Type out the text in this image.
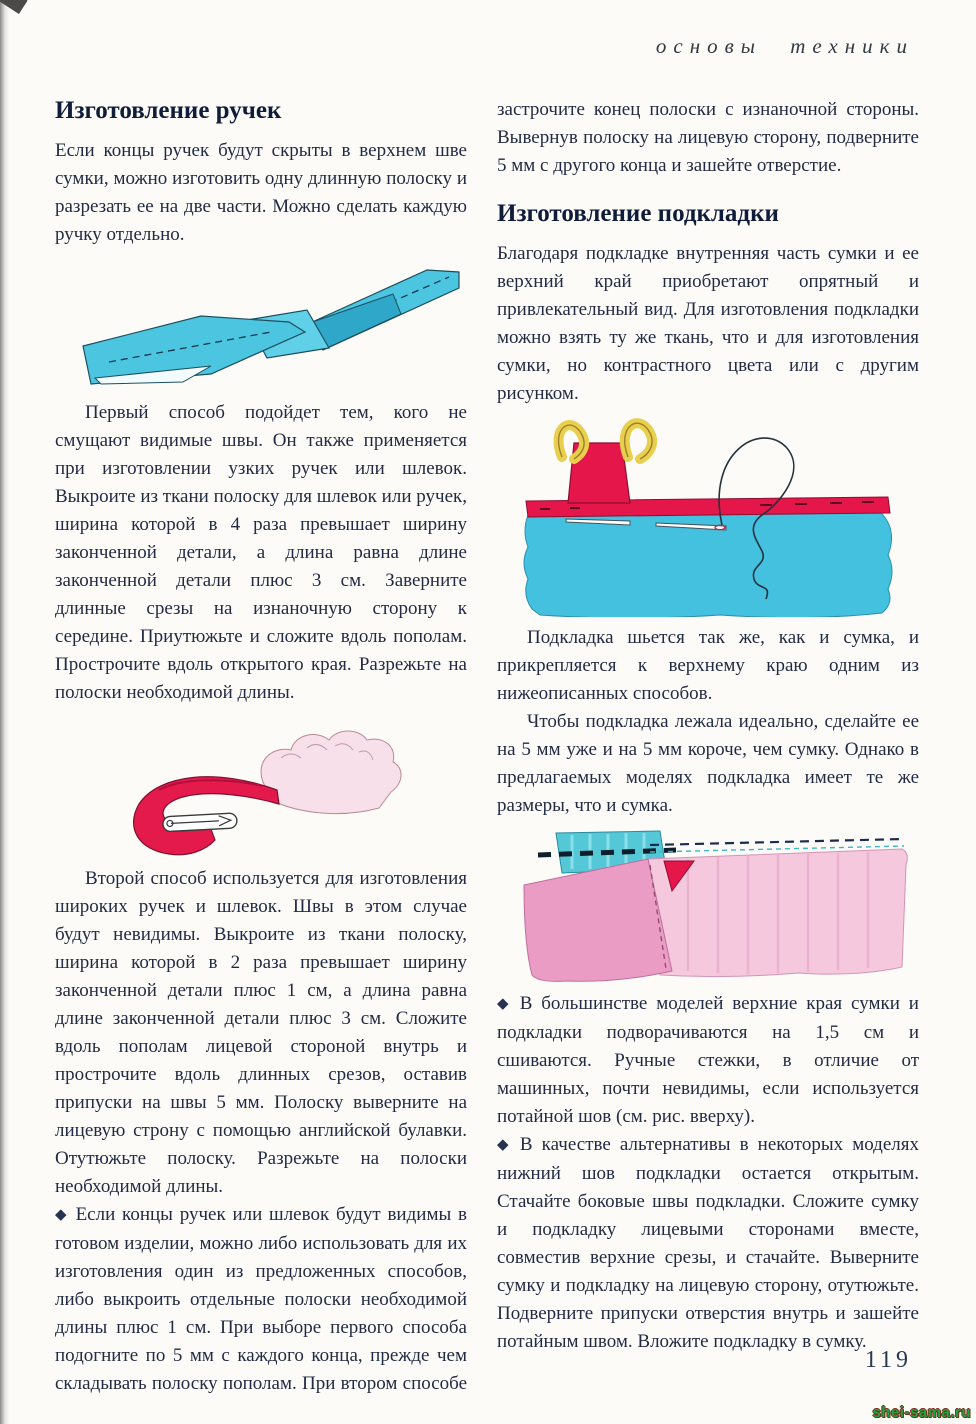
основы техники
Изготовление ручек

Если концы ручек будут скрыты в верхнем шве сумки, можно изготовить одну длинную полоску и разрезать ее на две части. Можно сделать каждую ручку отдельно.

Первый способ подойдет тем, кого не смущают видимые швы. Он также применяется при изготовлении узких ручек или шлевок. Выкроите из ткани полоску для шлевок или ручек, ширина которой в 4 раза превышает ширину законченной детали, а длина равна длине законченной детали плюс 3 см. Заверните длинные срезы на изнаночную сторону к середине. Приутюжьте и сложите вдоль пополам. Прострочите вдоль открытого края. Разрежьте на полоски необходимой длины.

Второй способ используется для изготовления широких ручек и шлевок. Швы в этом случае будут невидимы. Выкроите из ткани полоску, ширина которой в 2 раза превышает ширину законченной детали плюс 1 см, а длина равна длине законченной детали плюс 3 см. Сложите вдоль пополам лицевой стороной внутрь и прострочите вдоль длинных срезов, оставив припуски на швы 5 мм. Полоску выверните на лицевую строну с помощью английской булавки. Отутюжьте полоску. Разрежьте на полоски необходимой длины.

◆ Если концы ручек или шлевок будут видимы в готовом изделии, можно либо использовать для их изготовления один из предложенных способов, либо выкроить отдельные полоски необходимой длины плюс 1 см. При выборе первого способа подогните по 5 мм с каждого конца, прежде чем складывать полоску пополам. При втором способе

застрочите конец полоски с изнаночной стороны. Вывернув полоску на лицевую сторону, подверните 5 мм с другого конца и зашейте отверстие.

Изготовление подкладки

Благодаря подкладке внутренняя часть сумки и ее верхний край приобретают опрятный и привлекательный вид. Для изготовления подкладки можно взять ту же ткань, что и для изготовления сумки, но контрастного цвета или с другим рисунком.

Подкладка шьется так же, как и сумка, и прикрепляется к верхнему краю одним из нижеописанных способов.

Чтобы подкладка лежала идеально, сделайте ее на 5 мм уже и на 5 мм короче, чем сумку. Однако в предлагаемых моделях подкладка имеет те же размеры, что и сумка.

◆ В большинстве моделей верхние края сумки и подкладки подворачиваются на 1,5 см и сшиваются. Ручные стежки, в отличие от машинных, почти невидимы, если используется потайной шов (см. рис. вверху).

◆ В качестве альтернативы в некоторых моделях нижний шов подкладки остается открытым. Стачайте боковые швы подкладки. Сложите сумку и подкладку лицевыми сторонами вместе, совместив верхние срезы, и стачайте. Выверните сумку и подкладку на лицевую сторону, отутюжьте. Подверните припуски отверстия внутрь и зашейте потайным швом. Вложите подкладку в сумку.

119
shei-sama.ru
